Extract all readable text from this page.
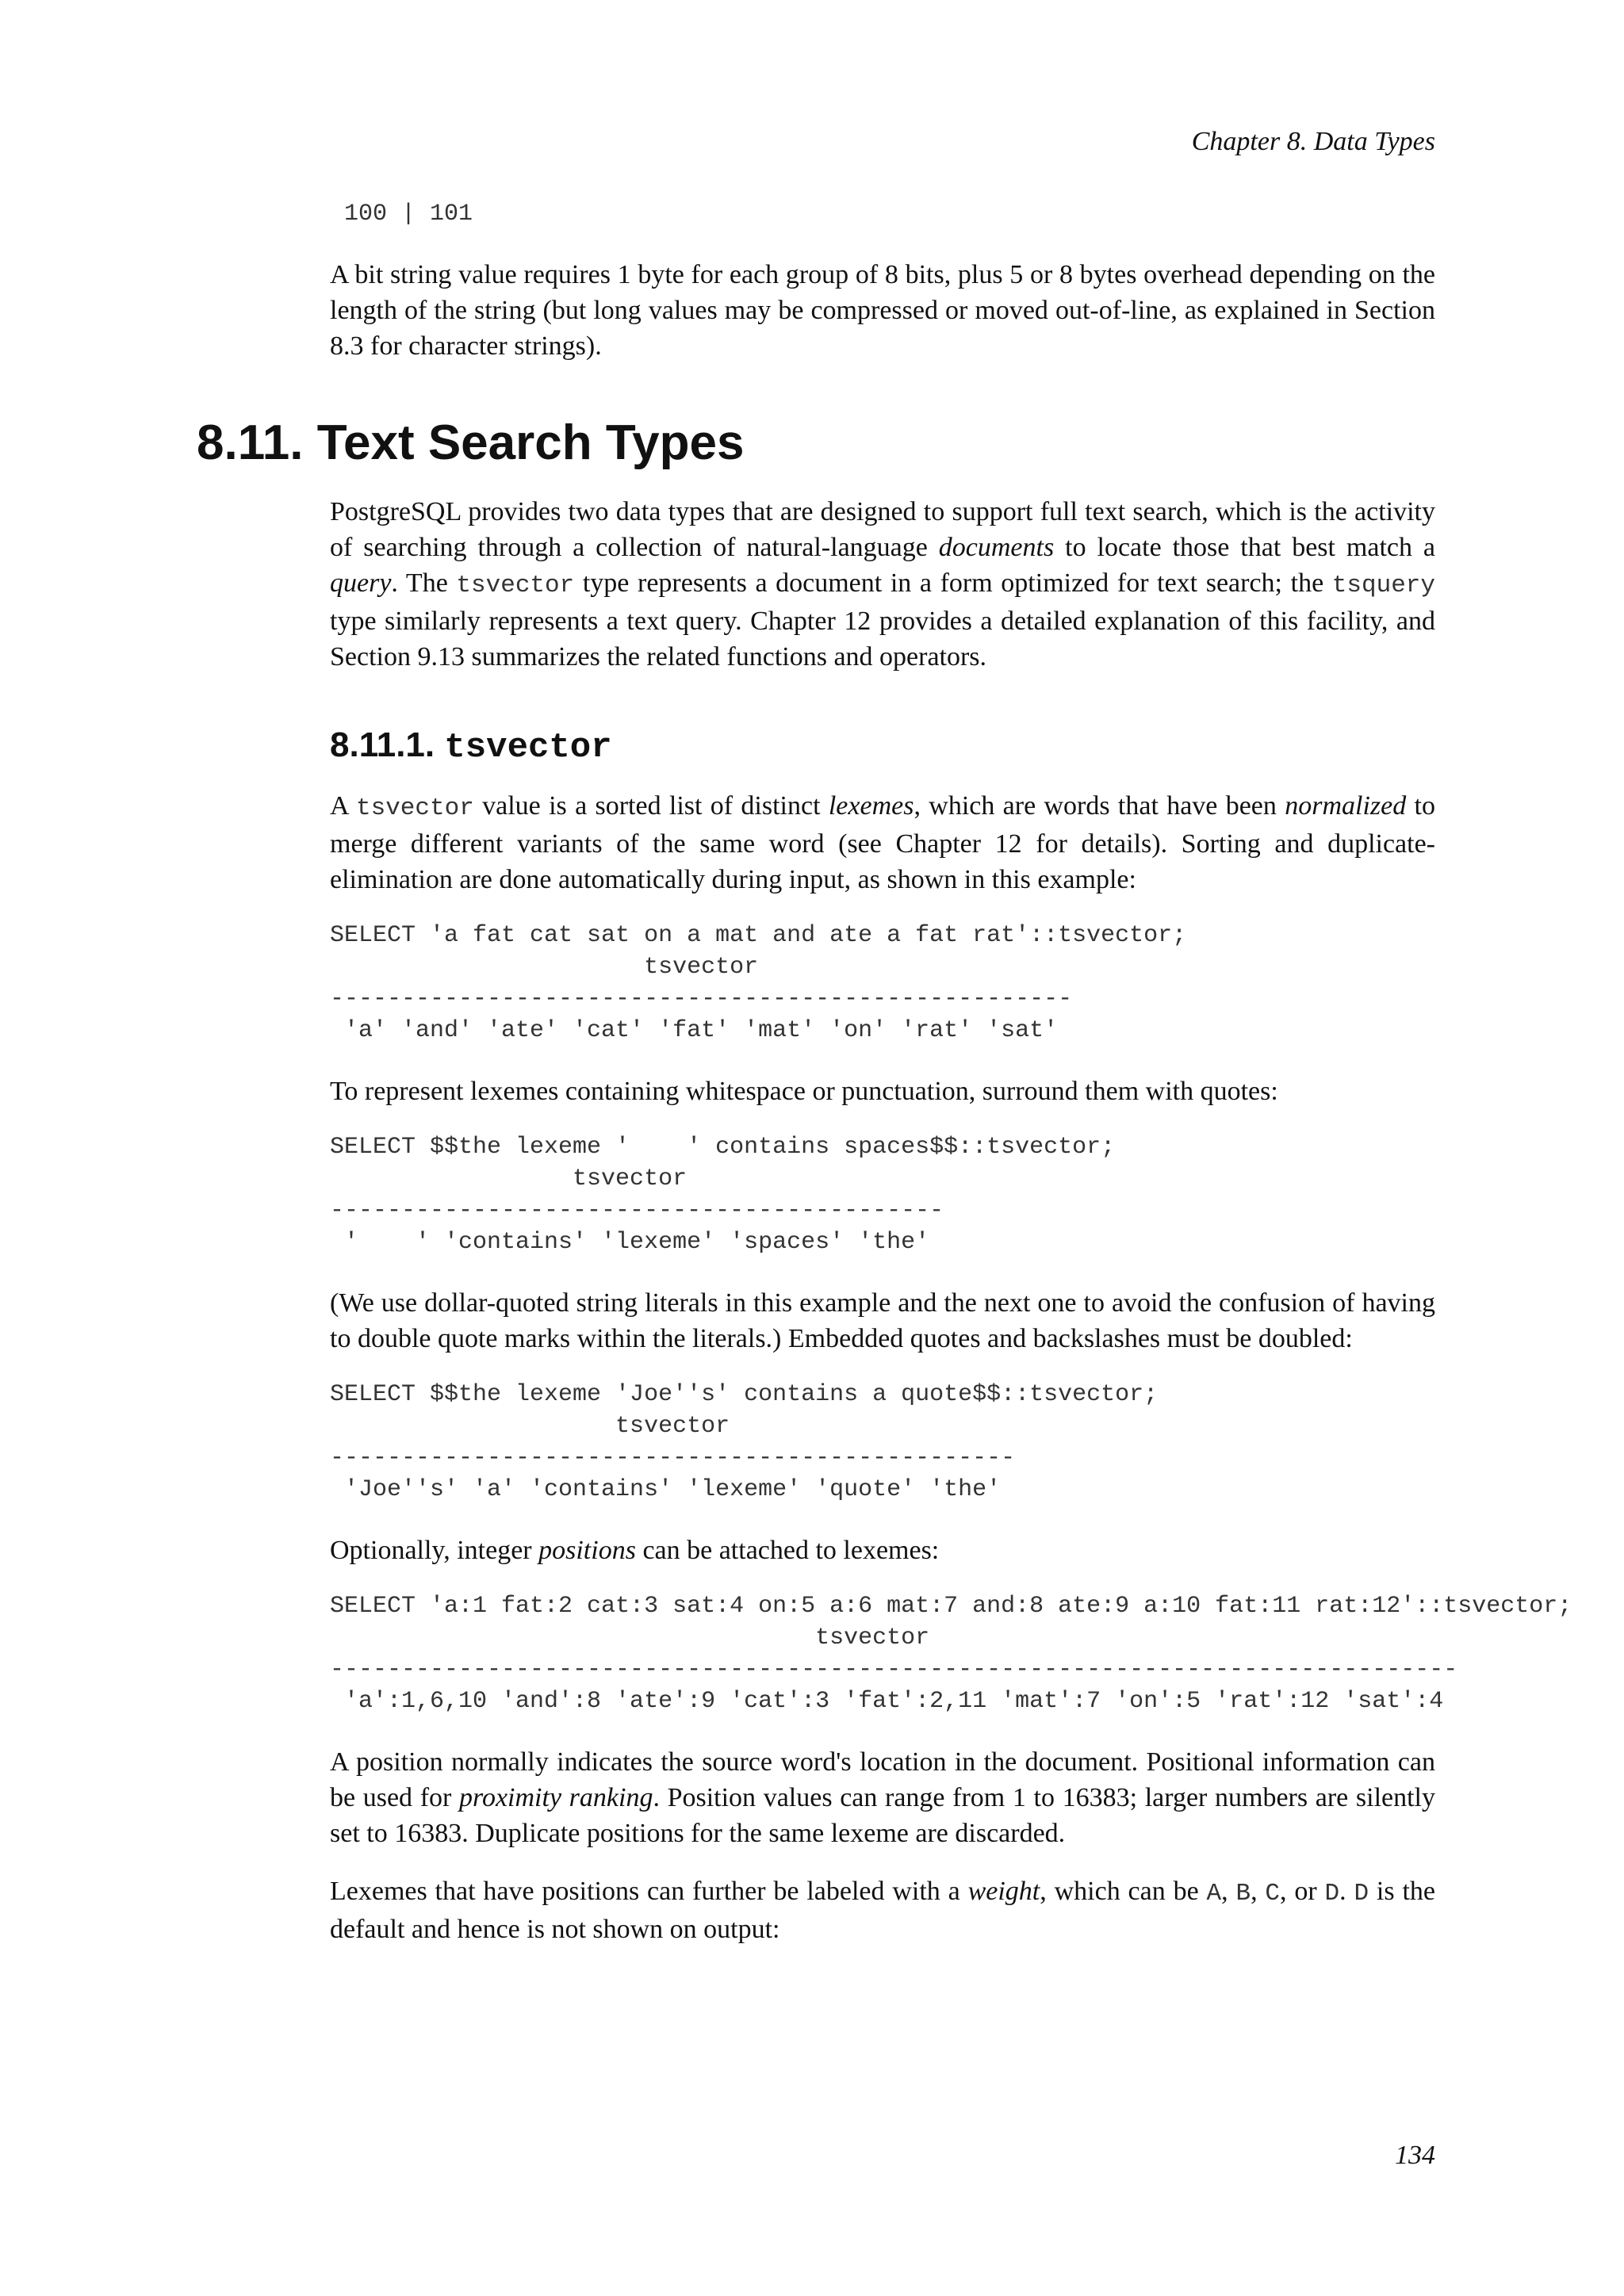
Chapter 8. Data Types
100 | 101

A bit string value requires 1 byte for each group of 8 bits, plus 5 or 8 bytes overhead depending on the length of the string (but long values may be compressed or moved out-of-line, as explained in Section 8.3 for character strings).

8.11. Text Search Types

PostgreSQL provides two data types that are designed to support full text search, which is the activity of searching through a collection of natural-language documents to locate those that best match a query. The tsvector type represents a document in a form optimized for text search; the tsquery type similarly represents a text query. Chapter 12 provides a detailed explanation of this facility, and Section 9.13 summarizes the related functions and operators.

8.11.1. tsvector

A tsvector value is a sorted list of distinct lexemes, which are words that have been normalized to merge different variants of the same word (see Chapter 12 for details). Sorting and duplicate-elimination are done automatically during input, as shown in this example:

SELECT 'a fat cat sat on a mat and ate a fat rat'::tsvector;
tsvector
----------------------------------------------------
'a' 'and' 'ate' 'cat' 'fat' 'mat' 'on' 'rat' 'sat'

To represent lexemes containing whitespace or punctuation, surround them with quotes:

SELECT $$the lexeme '    ' contains spaces$$::tsvector;
tsvector
-------------------------------------------
'    ' 'contains' 'lexeme' 'spaces' 'the'

(We use dollar-quoted string literals in this example and the next one to avoid the confusion of having to double quote marks within the literals.) Embedded quotes and backslashes must be doubled:

SELECT $$the lexeme 'Joe''s' contains a quote$$::tsvector;
tsvector
------------------------------------------------
'Joe''s' 'a' 'contains' 'lexeme' 'quote' 'the'

Optionally, integer positions can be attached to lexemes:

SELECT 'a:1 fat:2 cat:3 sat:4 on:5 a:6 mat:7 and:8 ate:9 a:10 fat:11 rat:12'::tsvector;
tsvector
-------------------------------------------------------------------------------
'a':1,6,10 'and':8 'ate':9 'cat':3 'fat':2,11 'mat':7 'on':5 'rat':12 'sat':4

A position normally indicates the source word's location in the document. Positional information can be used for proximity ranking. Position values can range from 1 to 16383; larger numbers are silently set to 16383. Duplicate positions for the same lexeme are discarded.

Lexemes that have positions can further be labeled with a weight, which can be A, B, C, or D. D is the default and hence is not shown on output:

134
